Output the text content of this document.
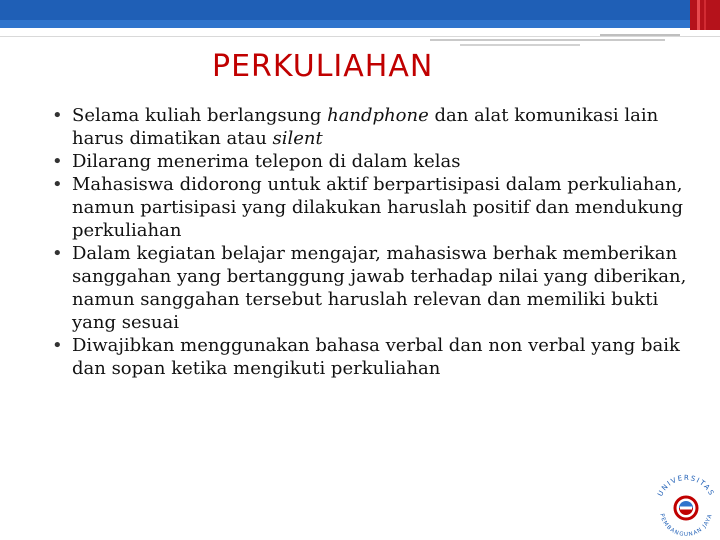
PERKULIAHAN
• Selama kuliah berlangsung handphone dan alat komunikasi lain harus dimatikan atau silent
• Dilarang menerima telepon di dalam kelas
• Mahasiswa didorong untuk aktif berpartisipasi dalam perkuliahan, namun partisipasi yang dilakukan haruslah positif dan mendukung perkuliahan
• Dalam kegiatan belajar mengajar, mahasiswa berhak memberikan sanggahan yang bertanggung jawab terhadap nilai yang diberikan, namun sanggahan tersebut haruslah relevan dan memiliki bukti yang sesuai
• Diwajibkan menggunakan bahasa verbal dan non verbal yang baik dan sopan ketika mengikuti perkuliahan
UNIVERSITAS
PEMBANGUNAN JAYA
